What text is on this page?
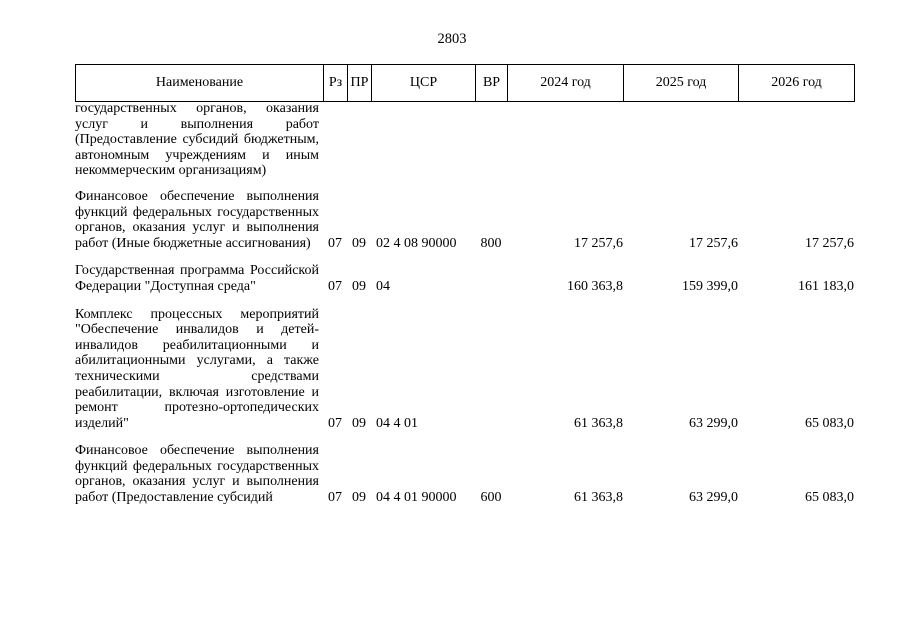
2803
Наименование	Рз	ПР	ЦСР	ВР	2024 год	2025 год	2026 год
государственных органов, оказания услуг и выполнения работ (Предоставление субсидий бюджетным, автономным учреждениям и иным некоммерческим организациям)							
Финансовое обеспечение выполнения функций федеральных государственных органов, оказания услуг и выполнения работ (Иные бюджетные ассигнования)	07	09	02 4 08 90000	800	17 257,6	17 257,6	17 257,6
Государственная программа Российской Федерации "Доступная среда"	07	09	04		160 363,8	159 399,0	161 183,0
Комплекс процессных мероприятий "Обеспечение инвалидов и детей-инвалидов реабилитационными и абилитационными услугами, а также техническими средствами реабилитации, включая изготовление и ремонт протезно-ортопедических изделий"	07	09	04 4 01		61 363,8	63 299,0	65 083,0
Финансовое обеспечение выполнения функций федеральных государственных органов, оказания услуг и выполнения работ (Предоставление субсидий	07	09	04 4 01 90000	600	61 363,8	63 299,0	65 083,0
